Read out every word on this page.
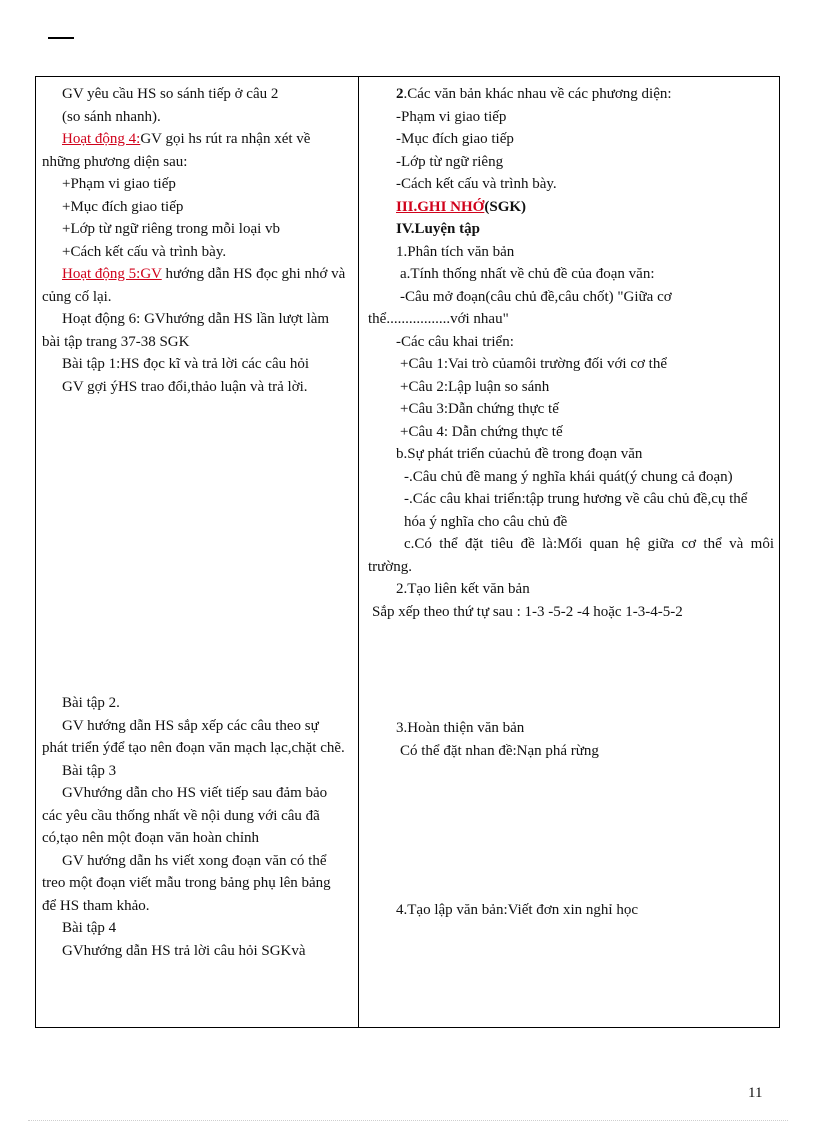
GV yêu cầu HS so sánh tiếp ở câu 2

(so sánh nhanh).

Hoạt động 4:GV gọi hs rút ra nhận xét về những phương diện sau:

+Phạm vi giao tiếp

+Mục đích giao tiếp

+Lớp từ ngữ riêng trong mỗi loại vb

+Cách kết cấu và trình bày.

Hoạt động 5:GV hướng dẫn HS đọc ghi nhớ và củng cố lại.

Hoạt động 6: GVhướng dẫn HS lần lượt làm bài tập trang 37-38 SGK

Bài tập 1:HS đọc kĩ và trả lời các câu hỏi

GV gợi ýHS trao đổi,thảo luận và trả lời.

Bài tập 2.

GV hướng dẫn HS sắp xếp các câu theo sự phát triển ýđể tạo nên đoạn văn mạch lạc,chặt chẽ.

Bài tập 3

GVhướng dẫn cho HS viết tiếp sau đảm bảo các yêu cầu thống nhất về nội dung với câu đã có,tạo nên một đoạn văn hoàn chỉnh

GV hướng dẫn hs viết xong đoạn văn có thể treo một đoạn viết mẫu trong bảng phụ lên bảng để HS tham khảo.

Bài tập 4

GVhướng dẫn HS trả lời câu hỏi SGKvà

2.Các văn bản khác nhau về các phương diện:

-Phạm vi giao tiếp

-Mục đích giao tiếp

-Lớp từ ngữ riêng

-Cách kết cấu và trình bày.

III.GHI NHỚ(SGK)

IV.Luyện tập

1.Phân tích văn bản

a.Tính thống nhất về chủ đề của đoạn văn:

-Câu mở đoạn(câu chủ đề,câu chốt) "Giữa cơ thể.................với nhau"

-Các câu khai triển:

+Câu 1:Vai trò củamôi trường đối với cơ thể

+Câu 2:Lập luận so sánh

+Câu 3:Dẫn chứng thực tế

+Câu 4: Dẫn chứng thực tế

b.Sự phát triển củachủ đề trong đoạn văn

-.Câu chủ đề mang ý nghĩa khái quát(ý chung cả đoạn)

-.Các câu khai triển:tập trung hương về câu chủ đề,cụ thể

hóa ý nghĩa cho câu chủ đề

c.Có thể đặt tiêu đề là:Mối quan hệ giữa cơ thể và môi trường.

2.Tạo liên kết văn bản

Sắp xếp theo thứ tự sau : 1-3 -5-2 -4 hoặc 1-3-4-5-2

3.Hoàn thiện văn bản

Có thể đặt nhan đề:Nạn phá rừng

4.Tạo lập văn bản:Viết đơn xin nghỉ học

11
